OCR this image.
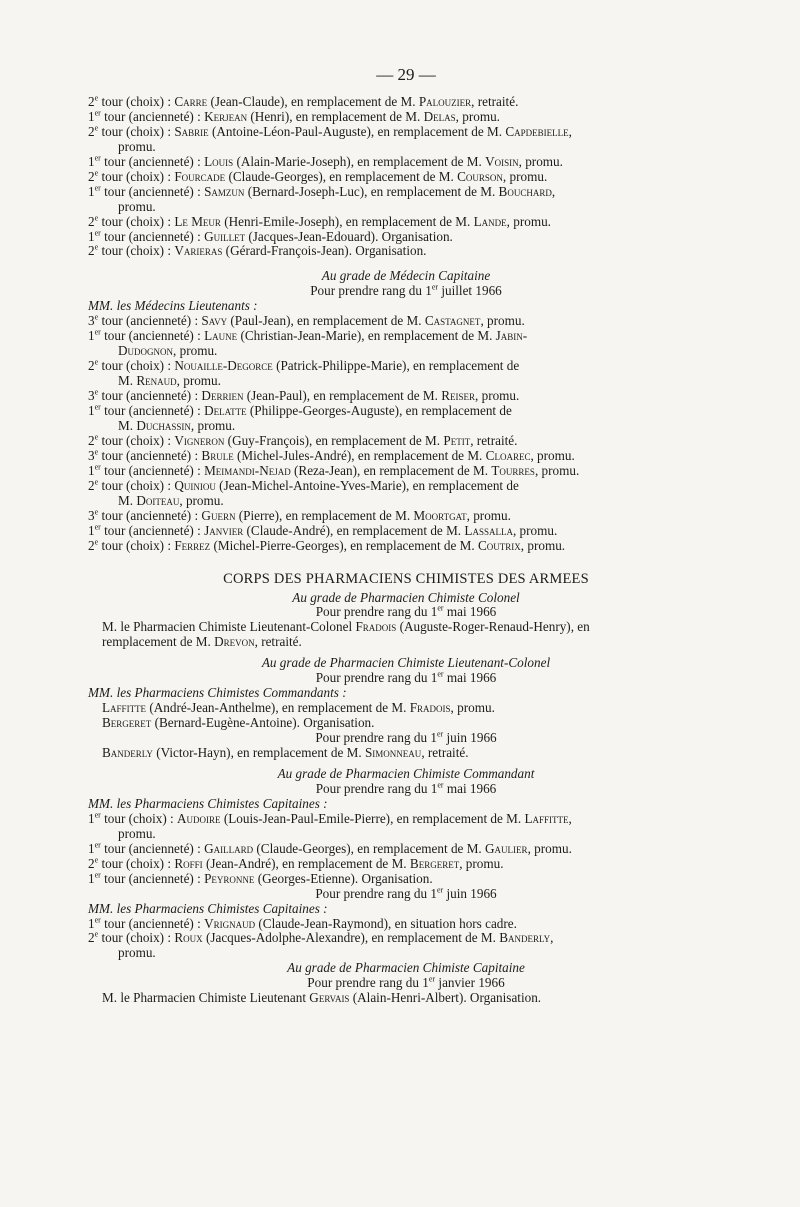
— 29 —
2e tour (choix) : Carre (Jean-Claude), en remplacement de M. Palouzier, retraité.
1er tour (ancienneté) : Kerjean (Henri), en remplacement de M. Delas, promu.
2e tour (choix) : Sabrie (Antoine-Léon-Paul-Auguste), en remplacement de M. Capdebielle,
promu.
1er tour (ancienneté) : Louis (Alain-Marie-Joseph), en remplacement de M. Voisin, promu.
2e tour (choix) : Fourcade (Claude-Georges), en remplacement de M. Courson, promu.
1er tour (ancienneté) : Samzun (Bernard-Joseph-Luc), en remplacement de M. Bouchard,
promu.
2e tour (choix) : Le Meur (Henri-Emile-Joseph), en remplacement de M. Lande, promu.
1er tour (ancienneté) : Guillet (Jacques-Jean-Edouard). Organisation.
2e tour (choix) : Varieras (Gérard-François-Jean). Organisation.
Au grade de Médecin Capitaine
Pour prendre rang du 1er juillet 1966
MM. les Médecins Lieutenants :
3e tour (ancienneté) : Savy (Paul-Jean), en remplacement de M. Castagnet, promu.
1er tour (ancienneté) : Laune (Christian-Jean-Marie), en remplacement de M. Jabin-
Dudognon, promu.
2e tour (choix) : Nouaille-Degorce (Patrick-Philippe-Marie), en remplacement de
M. Renaud, promu.
3e tour (ancienneté) : Derrien (Jean-Paul), en remplacement de M. Reiser, promu.
1er tour (ancienneté) : Delatte (Philippe-Georges-Auguste), en remplacement de
M. Duchassin, promu.
2e tour (choix) : Vigneron (Guy-François), en remplacement de M. Petit, retraité.
3e tour (ancienneté) : Brule (Michel-Jules-André), en remplacement de M. Cloarec, promu.
1er tour (ancienneté) : Meimandi-Nejad (Reza-Jean), en remplacement de M. Tourres, promu.
2e tour (choix) : Quiniou (Jean-Michel-Antoine-Yves-Marie), en remplacement de
M. Doiteau, promu.
3e tour (ancienneté) : Guern (Pierre), en remplacement de M. Moortgat, promu.
1er tour (ancienneté) : Janvier (Claude-André), en remplacement de M. Lassalla, promu.
2e tour (choix) : Ferrez (Michel-Pierre-Georges), en remplacement de M. Coutrix, promu.
CORPS DES PHARMACIENS CHIMISTES DES ARMEES
Au grade de Pharmacien Chimiste Colonel
Pour prendre rang du 1er mai 1966
M. le Pharmacien Chimiste Lieutenant-Colonel Fradois (Auguste-Roger-Renaud-Henry), en
remplacement de M. Drevon, retraité.
Au grade de Pharmacien Chimiste Lieutenant-Colonel
Pour prendre rang du 1er mai 1966
MM. les Pharmaciens Chimistes Commandants :
Laffitte (André-Jean-Anthelme), en remplacement de M. Fradois, promu.
Bergeret (Bernard-Eugène-Antoine). Organisation.
Pour prendre rang du 1er juin 1966
Banderly (Victor-Hayn), en remplacement de M. Simonneau, retraité.
Au grade de Pharmacien Chimiste Commandant
Pour prendre rang du 1er mai 1966
MM. les Pharmaciens Chimistes Capitaines :
1er tour (choix) : Audoire (Louis-Jean-Paul-Emile-Pierre), en remplacement de M. Laffitte,
promu.
1er tour (ancienneté) : Gaillard (Claude-Georges), en remplacement de M. Gaulier, promu.
2e tour (choix) : Roffi (Jean-André), en remplacement de M. Bergeret, promu.
1er tour (ancienneté) : Peyronne (Georges-Etienne). Organisation.
Pour prendre rang du 1er juin 1966
MM. les Pharmaciens Chimistes Capitaines :
1er tour (ancienneté) : Vrignaud (Claude-Jean-Raymond), en situation hors cadre.
2e tour (choix) : Roux (Jacques-Adolphe-Alexandre), en remplacement de M. Banderly,
promu.
Au grade de Pharmacien Chimiste Capitaine
Pour prendre rang du 1er janvier 1966
M. le Pharmacien Chimiste Lieutenant Gervais (Alain-Henri-Albert). Organisation.
